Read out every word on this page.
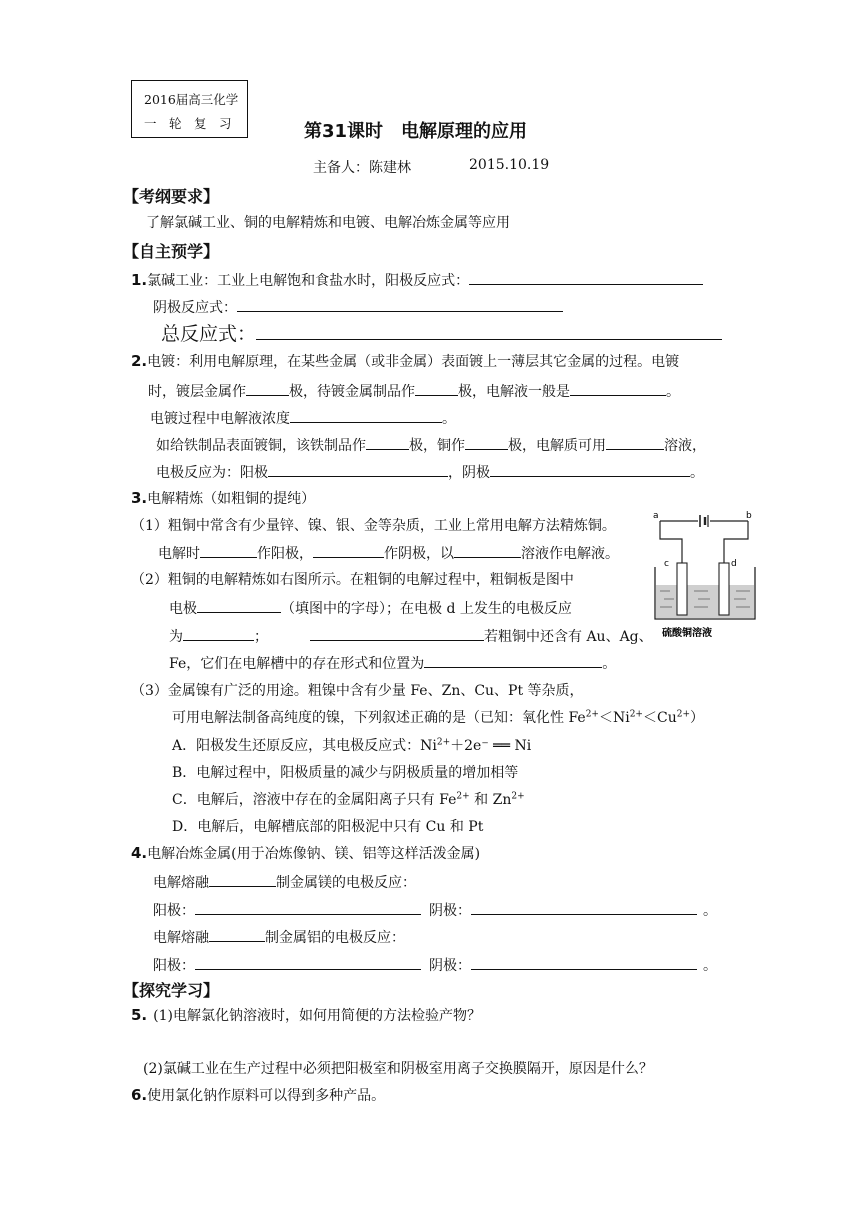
2016届高三化学
一　轮　复　习	第31课时　电解原理的应用
主备人：陈建林	2015.10.19
【考纲要求】
了解氯碱工业、铜的电解精炼和电镀、电解冶炼金属等应用
【自主预学】
1.氯碱工业：工业上电解饱和食盐水时，阳极反应式：
阴极反应式：
总反应式：
2.电镀：利用电解原理，在某些金属（或非金属）表面镀上一薄层其它金属的过程。电镀
时，镀层金属作	极，待镀金属制品作	极，电解液一般是	。
电镀过程中电解液浓度	。
如给铁制品表面镀铜，该铁制品作	极，铜作	极，电解质可用	溶液，
电极反应为：阳极	，阴极	。
3.电解精炼（如粗铜的提纯）
（1）粗铜中常含有少量锌、镍、银、金等杂质，工业上常用电解方法精炼铜。
电解时	作阳极，	作阴极，以	溶液作电解液。
（2）粗铜的电解精炼如右图所示。在粗铜的电解过程中，粗铜板是图中
电极	（填图中的字母）；在电极 d 上发生的电极反应
为	；	若粗铜中还含有 Au、Ag、
Fe，它们在电解槽中的存在形式和位置为	。
a	b
c	d
硫酸铜溶液
（3）金属镍有广泛的用途。粗镍中含有少量 Fe、Zn、Cu、Pt 等杂质，
可用电解法制备高纯度的镍，下列叙述正确的是（已知：氧化性 $Fe^{2+}<Ni^{2+}<Cu^{2+}$）
A．阳极发生还原反应，其电极反应式：$Ni^{2+}+2e^-$ ══ Ni
B．电解过程中，阳极质量的减少与阴极质量的增加相等
C．电解后，溶液中存在的金属阳离子只有 $Fe^{2+}$ 和 $Zn^{2+}$
D．电解后，电解槽底部的阳极泥中只有 Cu 和 Pt
4.电解冶炼金属(用于冶炼像钠、镁、铝等这样活泼金属)
电解熔融	制金属镁的电极反应：
阳极：	阴极：	。
电解熔融	制金属铝的电极反应：
阳极：	阴极：	。
【探究学习】
5. (1)电解氯化钠溶液时，如何用简便的方法检验产物？
(2)氯碱工业在生产过程中必须把阳极室和阴极室用离子交换膜隔开，原因是什么？
6.使用氯化钠作原料可以得到多种产品。
